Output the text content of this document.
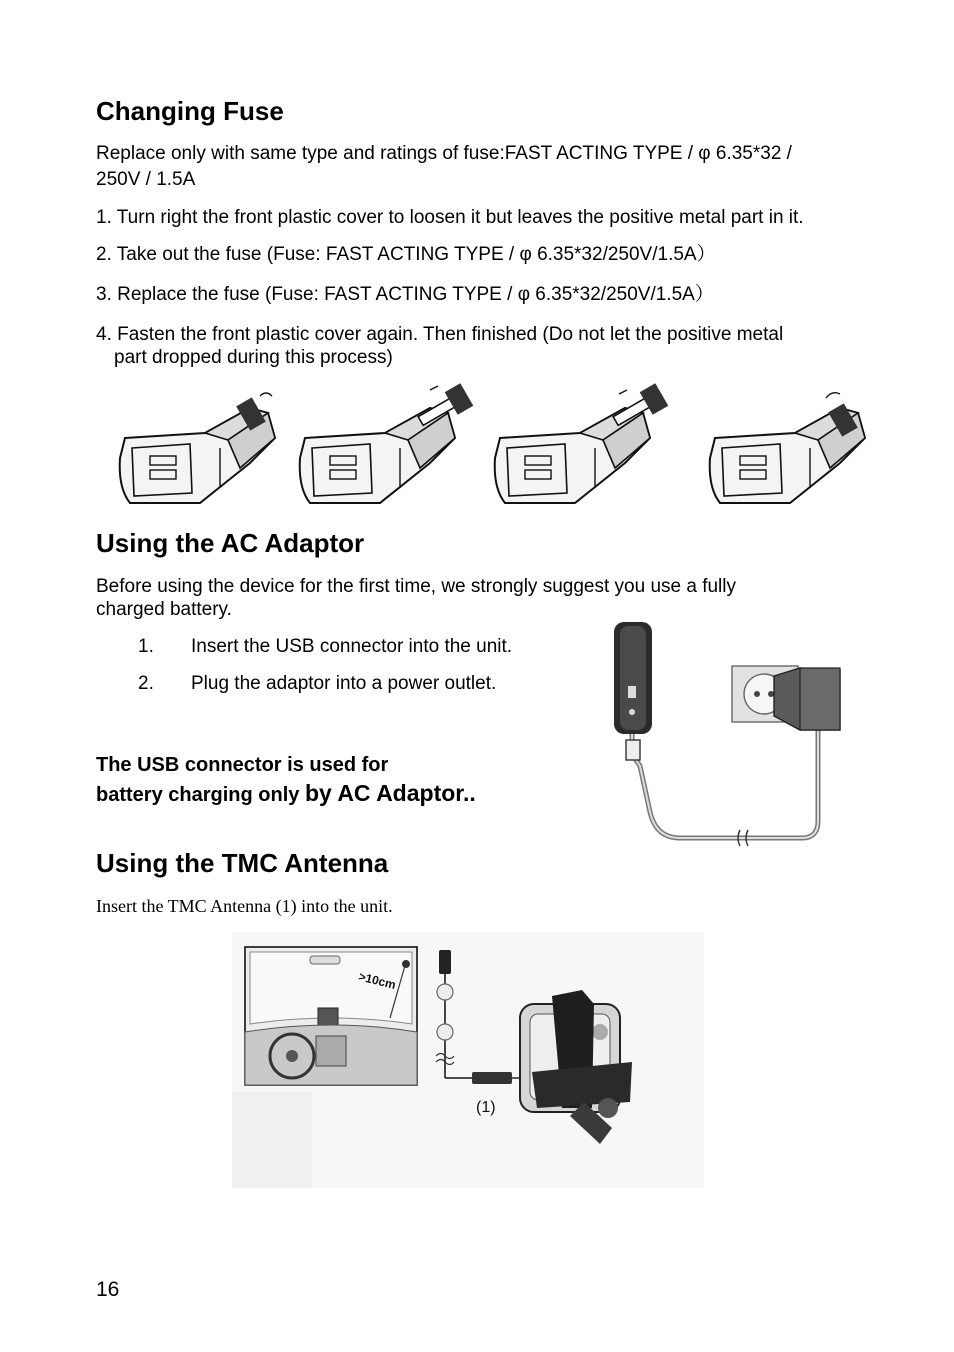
Changing Fuse
Replace only with same type and ratings of fuse:FAST ACTING TYPE / φ 6.35*32 /
250V / 1.5A
1. Turn right the front plastic cover to loosen it but leaves the positive metal part in it.
2. Take out the fuse (Fuse: FAST ACTING TYPE / φ 6.35*32/250V/1.5A）
3. Replace the fuse (Fuse: FAST ACTING TYPE / φ 6.35*32/250V/1.5A）
4. Fasten the front plastic cover again. Then finished (Do not let the positive metal
part dropped during this process)
Using the AC Adaptor
Before using the device for the first time, we strongly suggest you use a fully
charged battery.
1. Insert the USB connector into the unit.
2. Plug the adaptor into a power outlet.
The USB connector is used for
battery charging only by AC Adaptor..
Using the TMC Antenna
Insert the TMC Antenna (1) into the unit.
>10cm
(1)
16
